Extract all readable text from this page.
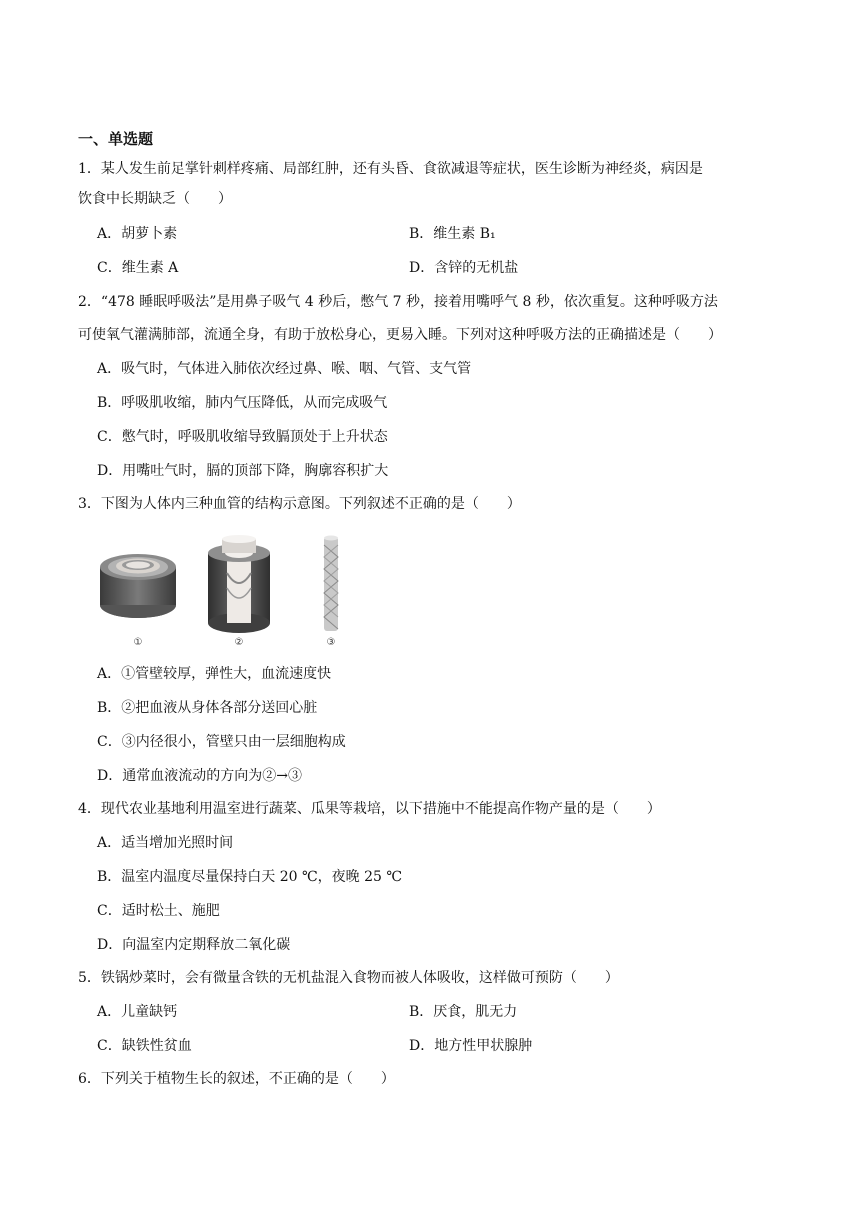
一、单选题
1．某人发生前足掌针刺样疼痛、局部红肿，还有头昏、食欲减退等症状，医生诊断为神经炎，病因是
饮食中长期缺乏（　　）
A．胡萝卜素	B．维生素 B₁
C．维生素 A	D．含锌的无机盐
2．“478 睡眠呼吸法”是用鼻子吸气 4 秒后，憋气 7 秒，接着用嘴呼气 8 秒，依次重复。这种呼吸方法
可使氧气灌满肺部，流通全身，有助于放松身心，更易入睡。下列对这种呼吸方法的正确描述是（　　）
A．吸气时，气体进入肺依次经过鼻、喉、咽、气管、支气管
B．呼吸肌收缩，肺内气压降低，从而完成吸气
C．憋气时，呼吸肌收缩导致膈顶处于上升状态
D．用嘴吐气时，膈的顶部下降，胸廓容积扩大
3．下图为人体内三种血管的结构示意图。下列叙述不正确的是（　　）
①	②	③
A．①管壁较厚，弹性大，血流速度快
B．②把血液从身体各部分送回心脏
C．③内径很小，管壁只由一层细胞构成
D．通常血液流动的方向为②→③
4．现代农业基地利用温室进行蔬菜、瓜果等栽培，以下措施中不能提高作物产量的是（　　）
A．适当增加光照时间
B．温室内温度尽量保持白天 20 ℃，夜晚 25 ℃
C．适时松土、施肥
D．向温室内定期释放二氧化碳
5．铁锅炒菜时，会有微量含铁的无机盐混入食物而被人体吸收，这样做可预防（　　）
A．儿童缺钙	B．厌食，肌无力
C．缺铁性贫血	D．地方性甲状腺肿
6．下列关于植物生长的叙述，不正确的是（　　）
